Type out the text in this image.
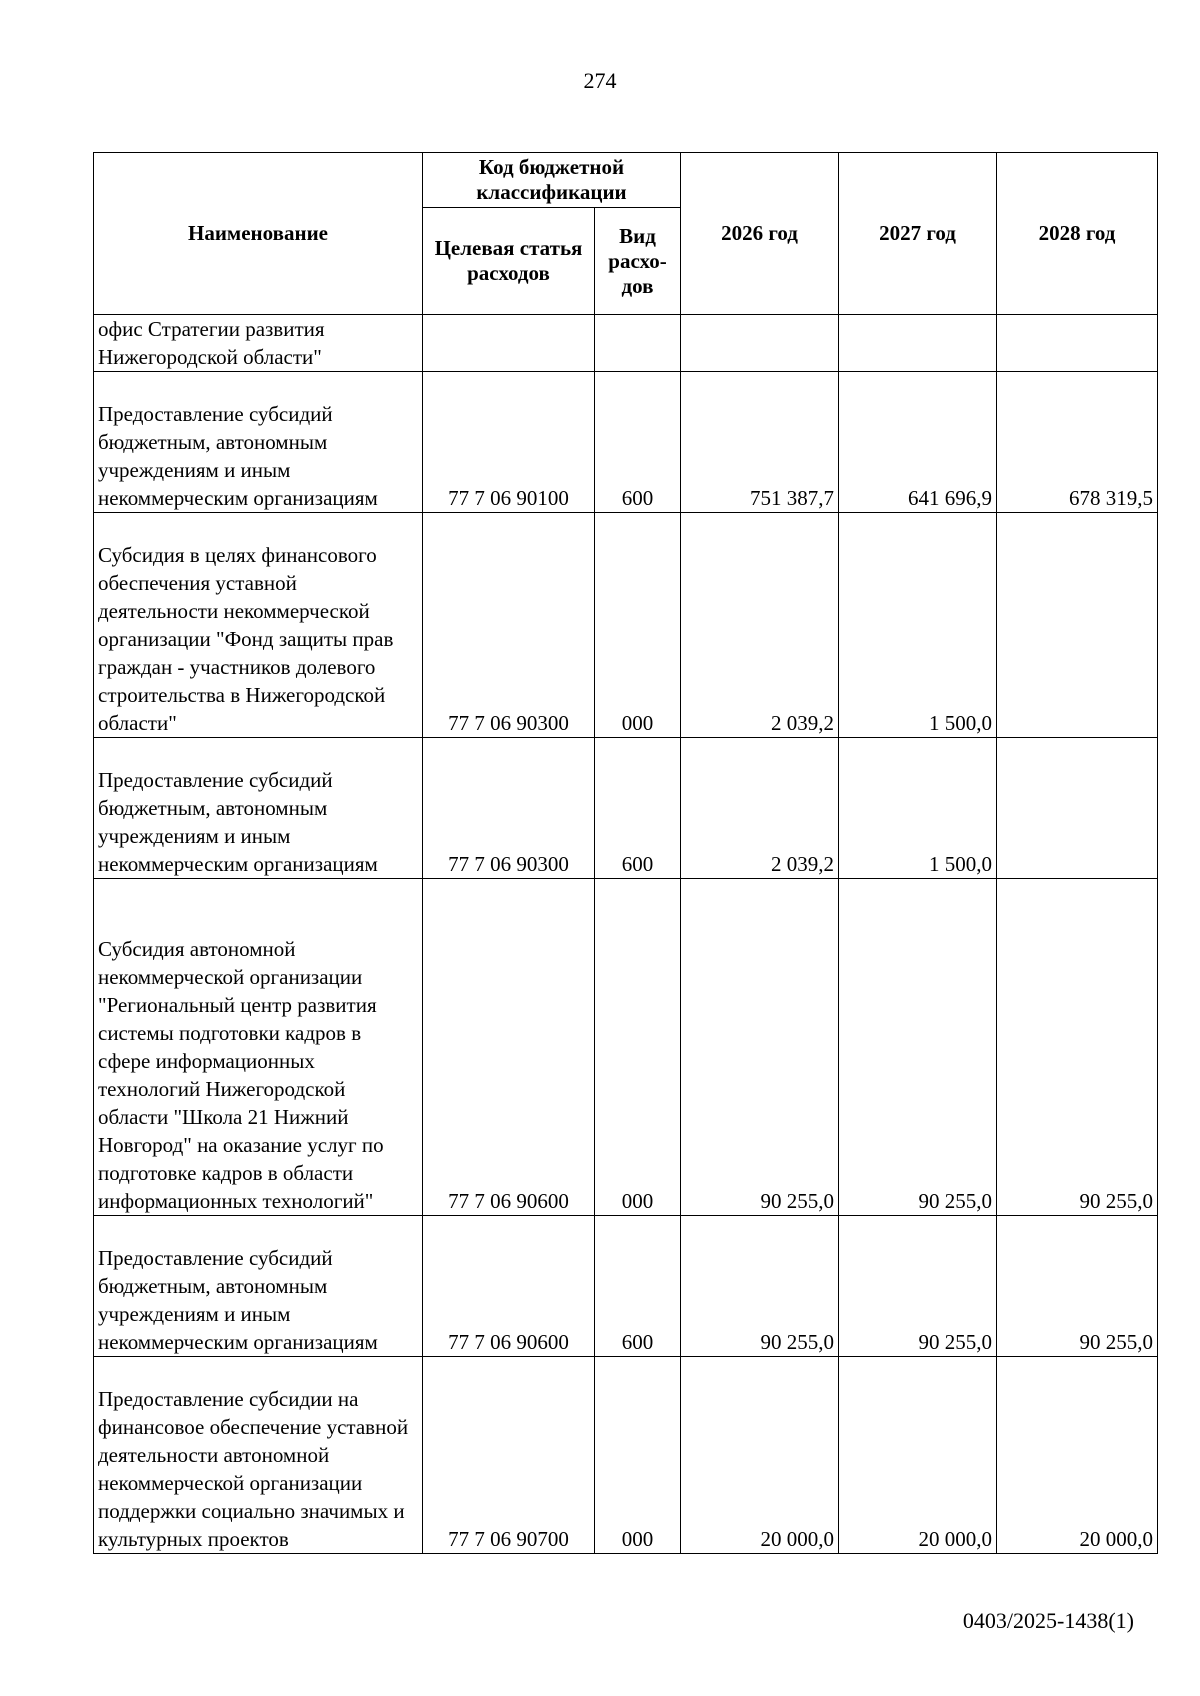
274
Наименование	Код бюджетной классификации		2026 год	2027 год	2028 год
	Целевая статья расходов	Вид расхо- дов			
офис Стратегии развития Нижегородской области"					
Предоставление субсидий бюджетным, автономным учреждениям и иным некоммерческим организациям	77 7 06 90100	600	751 387,7	641 696,9	678 319,5
Субсидия в целях финансового обеспечения уставной деятельности некоммерческой организации "Фонд защиты прав граждан - участников долевого строительства в Нижегородской области"	77 7 06 90300	000	2 039,2	1 500,0	
Предоставление субсидий бюджетным, автономным учреждениям и иным некоммерческим организациям	77 7 06 90300	600	2 039,2	1 500,0	
Субсидия автономной некоммерческой организации "Региональный центр развития системы подготовки кадров в сфере информационных технологий Нижегородской области "Школа 21 Нижний Новгород" на оказание услуг по подготовке кадров в области информационных технологий"	77 7 06 90600	000	90 255,0	90 255,0	90 255,0
Предоставление субсидий бюджетным, автономным учреждениям и иным некоммерческим организациям	77 7 06 90600	600	90 255,0	90 255,0	90 255,0
Предоставление субсидии на финансовое обеспечение уставной деятельности автономной некоммерческой организации поддержки социально значимых и культурных проектов	77 7 06 90700	000	20 000,0	20 000,0	20 000,0
0403/2025-1438(1)
